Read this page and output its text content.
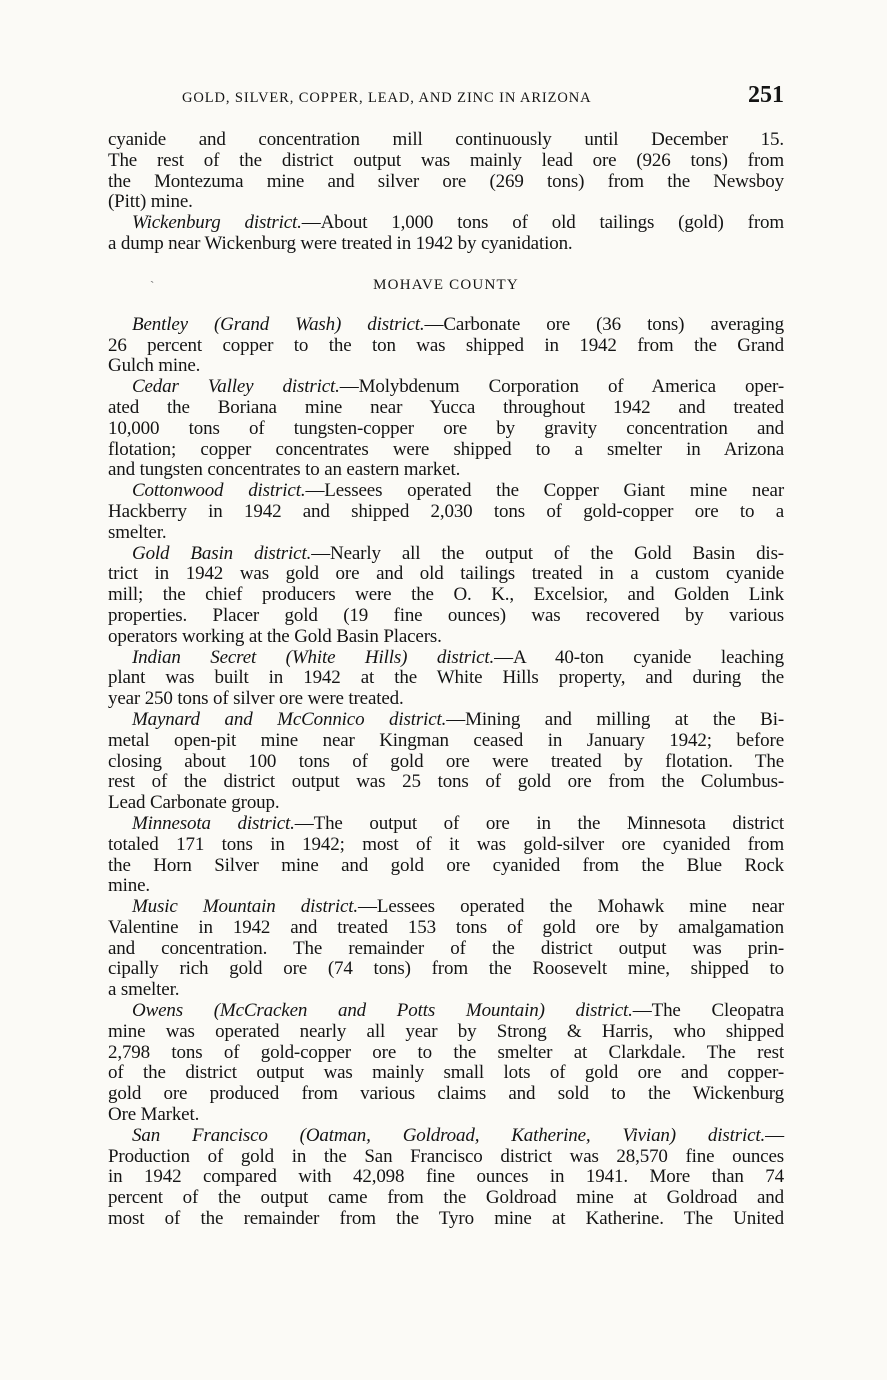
GOLD, SILVER, COPPER, LEAD, AND ZINC IN ARIZONA	251
cyanide and concentration mill continuously until December 15.
The rest of the district output was mainly lead ore (926 tons) from
the Montezuma mine and silver ore (269 tons) from the Newsboy
(Pitt) mine.
Wickenburg district.—About 1,000 tons of old tailings (gold) from
a dump near Wickenburg were treated in 1942 by cyanidation.
MOHAVE COUNTY
Bentley (Grand Wash) district.—Carbonate ore (36 tons) averaging
26 percent copper to the ton was shipped in 1942 from the Grand
Gulch mine.
Cedar Valley district.—Molybdenum Corporation of America oper-
ated the Boriana mine near Yucca throughout 1942 and treated
10,000 tons of tungsten-copper ore by gravity concentration and
flotation; copper concentrates were shipped to a smelter in Arizona
and tungsten concentrates to an eastern market.
Cottonwood district.—Lessees operated the Copper Giant mine near
Hackberry in 1942 and shipped 2,030 tons of gold-copper ore to a
smelter.
Gold Basin district.—Nearly all the output of the Gold Basin dis-
trict in 1942 was gold ore and old tailings treated in a custom cyanide
mill; the chief producers were the O. K., Excelsior, and Golden Link
properties. Placer gold (19 fine ounces) was recovered by various
operators working at the Gold Basin Placers.
Indian Secret (White Hills) district.—A 40-ton cyanide leaching
plant was built in 1942 at the White Hills property, and during the
year 250 tons of silver ore were treated.
Maynard and McConnico district.—Mining and milling at the Bi-
metal open-pit mine near Kingman ceased in January 1942; before
closing about 100 tons of gold ore were treated by flotation. The
rest of the district output was 25 tons of gold ore from the Columbus-
Lead Carbonate group.
Minnesota district.—The output of ore in the Minnesota district
totaled 171 tons in 1942; most of it was gold-silver ore cyanided from
the Horn Silver mine and gold ore cyanided from the Blue Rock
mine.
Music Mountain district.—Lessees operated the Mohawk mine near
Valentine in 1942 and treated 153 tons of gold ore by amalgamation
and concentration. The remainder of the district output was prin-
cipally rich gold ore (74 tons) from the Roosevelt mine, shipped to
a smelter.
Owens (McCracken and Potts Mountain) district.—The Cleopatra
mine was operated nearly all year by Strong & Harris, who shipped
2,798 tons of gold-copper ore to the smelter at Clarkdale. The rest
of the district output was mainly small lots of gold ore and copper-
gold ore produced from various claims and sold to the Wickenburg
Ore Market.
San Francisco (Oatman, Goldroad, Katherine, Vivian) district.—
Production of gold in the San Francisco district was 28,570 fine ounces
in 1942 compared with 42,098 fine ounces in 1941. More than 74
percent of the output came from the Goldroad mine at Goldroad and
most of the remainder from the Tyro mine at Katherine. The United
ˋ
